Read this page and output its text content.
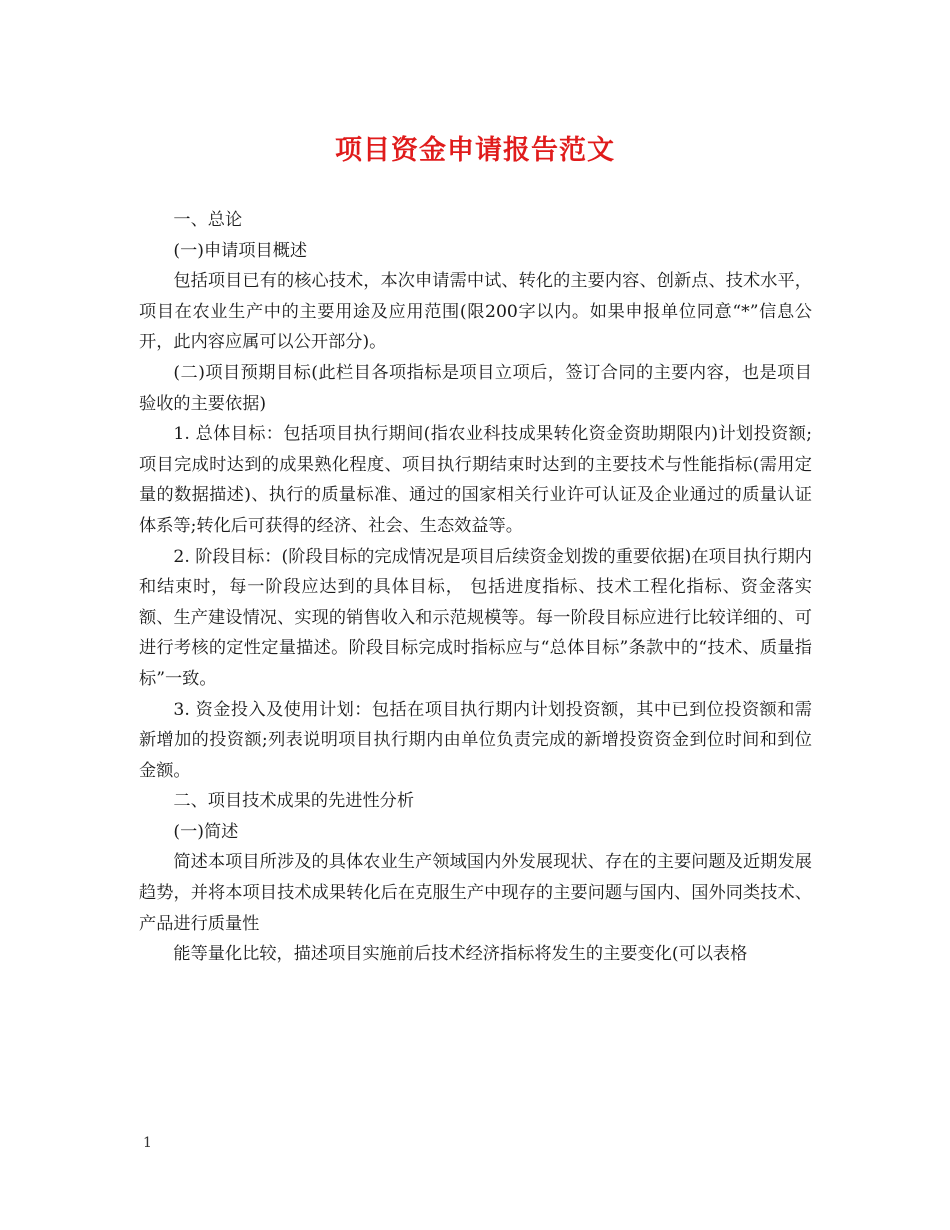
项目资金申请报告范文

一、总论

(一)申请项目概述

包括项目已有的核心技术，本次申请需中试、转化的主要内容、创新点、技术水平，项目在农业生产中的主要用途及应用范围(限200字以内。如果申报单位同意“*”信息公开，此内容应属可以公开部分)。

(二)项目预期目标(此栏目各项指标是项目立项后，签订合同的主要内容，也是项目验收的主要依据)

1. 总体目标：包括项目执行期间(指农业科技成果转化资金资助期限内)计划投资额;项目完成时达到的成果熟化程度、项目执行期结束时达到的主要技术与性能指标(需用定量的数据描述)、执行的质量标准、通过的国家相关行业许可认证及企业通过的质量认证体系等;转化后可获得的经济、社会、生态效益等。

2. 阶段目标：(阶段目标的完成情况是项目后续资金划拨的重要依据)在项目执行期内和结束时，每一阶段应达到的具体目标， 包括进度指标、技术工程化指标、资金落实额、生产建设情况、实现的销售收入和示范规模等。每一阶段目标应进行比较详细的、可进行考核的定性定量描述。阶段目标完成时指标应与“总体目标”条款中的“技术、质量指标”一致。

3. 资金投入及使用计划：包括在项目执行期内计划投资额，其中已到位投资额和需新增加的投资额;列表说明项目执行期内由单位负责完成的新增投资资金到位时间和到位金额。

二、项目技术成果的先进性分析

(一)简述

简述本项目所涉及的具体农业生产领域国内外发展现状、存在的主要问题及近期发展趋势，并将本项目技术成果转化后在克服生产中现存的主要问题与国内、国外同类技术、产品进行质量性

能等量化比较，描述项目实施前后技术经济指标将发生的主要变化(可以表格

1
